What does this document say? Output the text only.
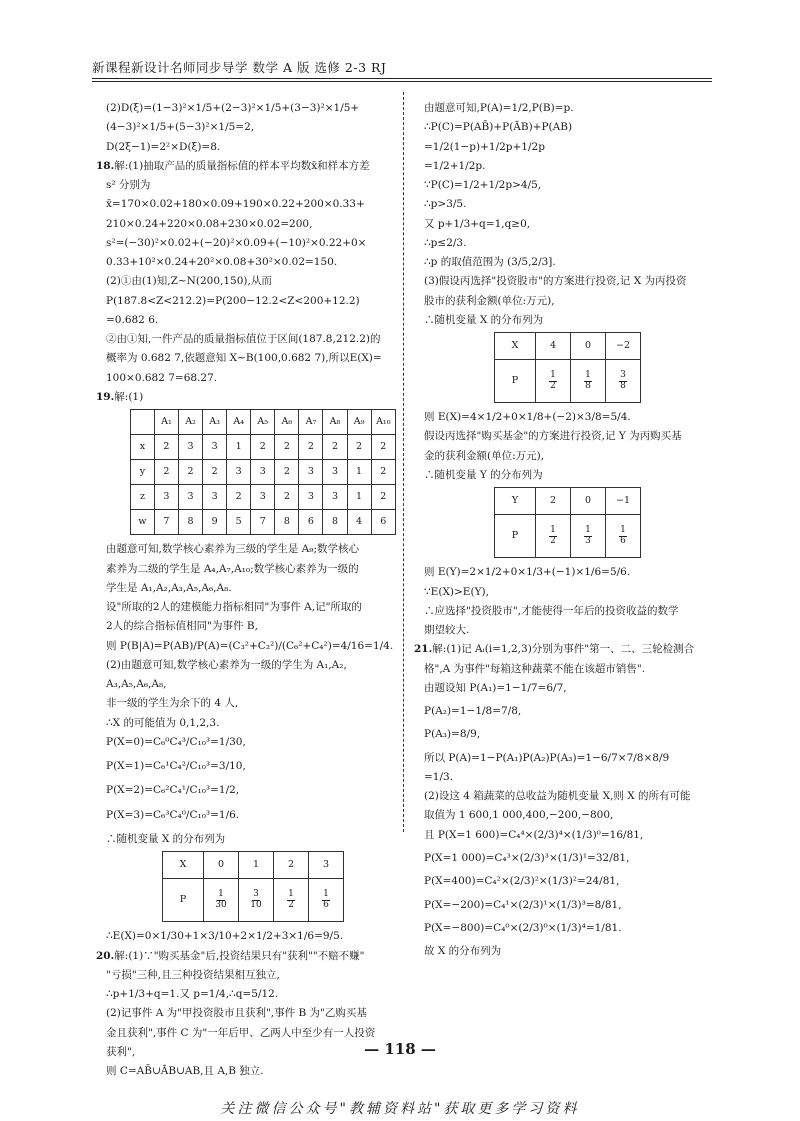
新课程新设计名师同步导学 数学 A 版 选修 2-3 RJ

(2)D(ξ)=(1−3)²×1/5+(2−3)²×1/5+(3−3)²×1/5+

(4−3)²×1/5+(5−3)²×1/5=2,

D(2ξ−1)=2²×D(ξ)=8.

18.解:(1)抽取产品的质量指标值的样本平均数x̄和样本方差

s² 分别为

x̄=170×0.02+180×0.09+190×0.22+200×0.33+

210×0.24+220×0.08+230×0.02=200,

s²=(−30)²×0.02+(−20)²×0.09+(−10)²×0.22+0×

0.33+10²×0.24+20²×0.08+30²×0.02=150.

(2)①由(1)知,Z~N(200,150),从而

P(187.8<Z<212.2)=P(200−12.2<Z<200+12.2)

=0.682 6.

②由①知,一件产品的质量指标值位于区间(187.8,212.2)的

概率为 0.682 7,依题意知 X~B(100,0.682 7),所以E(X)=

100×0.682 7=68.27.

19.解:(1)

	A₁	A₂	A₃	A₄	A₅	A₆	A₇	A₈	A₉	A₁₀
x	2	3	3	1	2	2	2	2	2	2
y	2	2	2	3	3	2	3	3	1	2
z	3	3	3	2	3	2	3	3	1	2
w	7	8	9	5	7	8	6	8	4	6

由题意可知,数学核心素养为三级的学生是 A₉;数学核心

素养为二级的学生是 A₄,A₇,A₁₀;数学核心素养为一级的

学生是 A₁,A₂,A₃,A₅,A₆,A₈.

设"所取的2人的建模能力指标相同"为事件 A,记"所取的

2人的综合指标值相同"为事件 B,

则 P(B|A)=P(AB)/P(A)=(C₃²+C₂²)/(C₆²+C₄²)=4/16=1/4.

(2)由题意可知,数学核心素养为一级的学生为 A₁,A₂,

A₃,A₅,A₆,A₈,

非一级的学生为余下的 4 人,

∴X 的可能值为 0,1,2,3.

P(X=0)=C₆⁰C₄³/C₁₀³=1/30,

P(X=1)=C₆¹C₄²/C₁₀³=3/10,

P(X=2)=C₆²C₄¹/C₁₀³=1/2,

P(X=3)=C₆³C₄⁰/C₁₀³=1/6.

∴随机变量 X 的分布列为

X	0	1	2	3
P	$\frac{1}{30}$	$\frac{3}{10}$	$\frac{1}{2}$	$\frac{1}{6}$

∴E(X)=0×1/30+1×3/10+2×1/2+3×1/6=9/5.

20.解:(1)∵"购买基金"后,投资结果只有"获利""不赔不赚"

"亏损"三种,且三种投资结果相互独立,

∴p+1/3+q=1.又 p=1/4,∴q=5/12.

(2)记事件 A 为"甲投资股市且获利",事件 B 为"乙购买基

金且获利",事件 C 为"一年后甲、乙两人中至少有一人投资

获利",

则 C=AB̄∪ĀB∪AB,且 A,B 独立.

由题意可知,P(A)=1/2,P(B)=p.

∴P(C)=P(AB̄)+P(ĀB)+P(AB)

=1/2(1−p)+1/2p+1/2p

=1/2+1/2p.

∵P(C)=1/2+1/2p>4/5,

∴p>3/5.

又 p+1/3+q=1,q≥0,

∴p≤2/3.

∴p 的取值范围为 (3/5,2/3].

(3)假设丙选择"投资股市"的方案进行投资,记 X 为丙投资

股市的获利金额(单位:万元),

∴随机变量 X 的分布列为

X	4	0	−2
P	$\frac{1}{2}$	$\frac{1}{8}$	$\frac{3}{8}$

则 E(X)=4×1/2+0×1/8+(−2)×3/8=5/4.

假设丙选择"购买基金"的方案进行投资,记 Y 为丙购买基

金的获利金额(单位:万元),

∴随机变量 Y 的分布列为

Y	2	0	−1
P	$\frac{1}{2}$	$\frac{1}{3}$	$\frac{1}{6}$

则 E(Y)=2×1/2+0×1/3+(−1)×1/6=5/6.

∵E(X)>E(Y),

∴应选择"投资股市",才能使得一年后的投资收益的数学

期望较大.

21.解:(1)记 Aᵢ(i=1,2,3)分别为事件"第一、二、三轮检测合

格",A 为事件"每箱这种蔬菜不能在该超市销售".

由题设知 P(A₁)=1−1/7=6/7,

P(A₂)=1−1/8=7/8,

P(A₃)=8/9,

所以 P(A)=1−P(A₁)P(A₂)P(A₃)=1−6/7×7/8×8/9

=1/3.

(2)设这 4 箱蔬菜的总收益为随机变量 X,则 X 的所有可能

取值为 1 600,1 000,400,−200,−800,

且 P(X=1 600)=C₄⁴×(2/3)⁴×(1/3)⁰=16/81,

P(X=1 000)=C₄³×(2/3)³×(1/3)¹=32/81,

P(X=400)=C₄²×(2/3)²×(1/3)²=24/81,

P(X=−200)=C₄¹×(2/3)¹×(1/3)³=8/81,

P(X=−800)=C₄⁰×(2/3)⁰×(1/3)⁴=1/81.

故 X 的分布列为

— 118 —
关注微信公众号"教辅资料站"获取更多学习资料
